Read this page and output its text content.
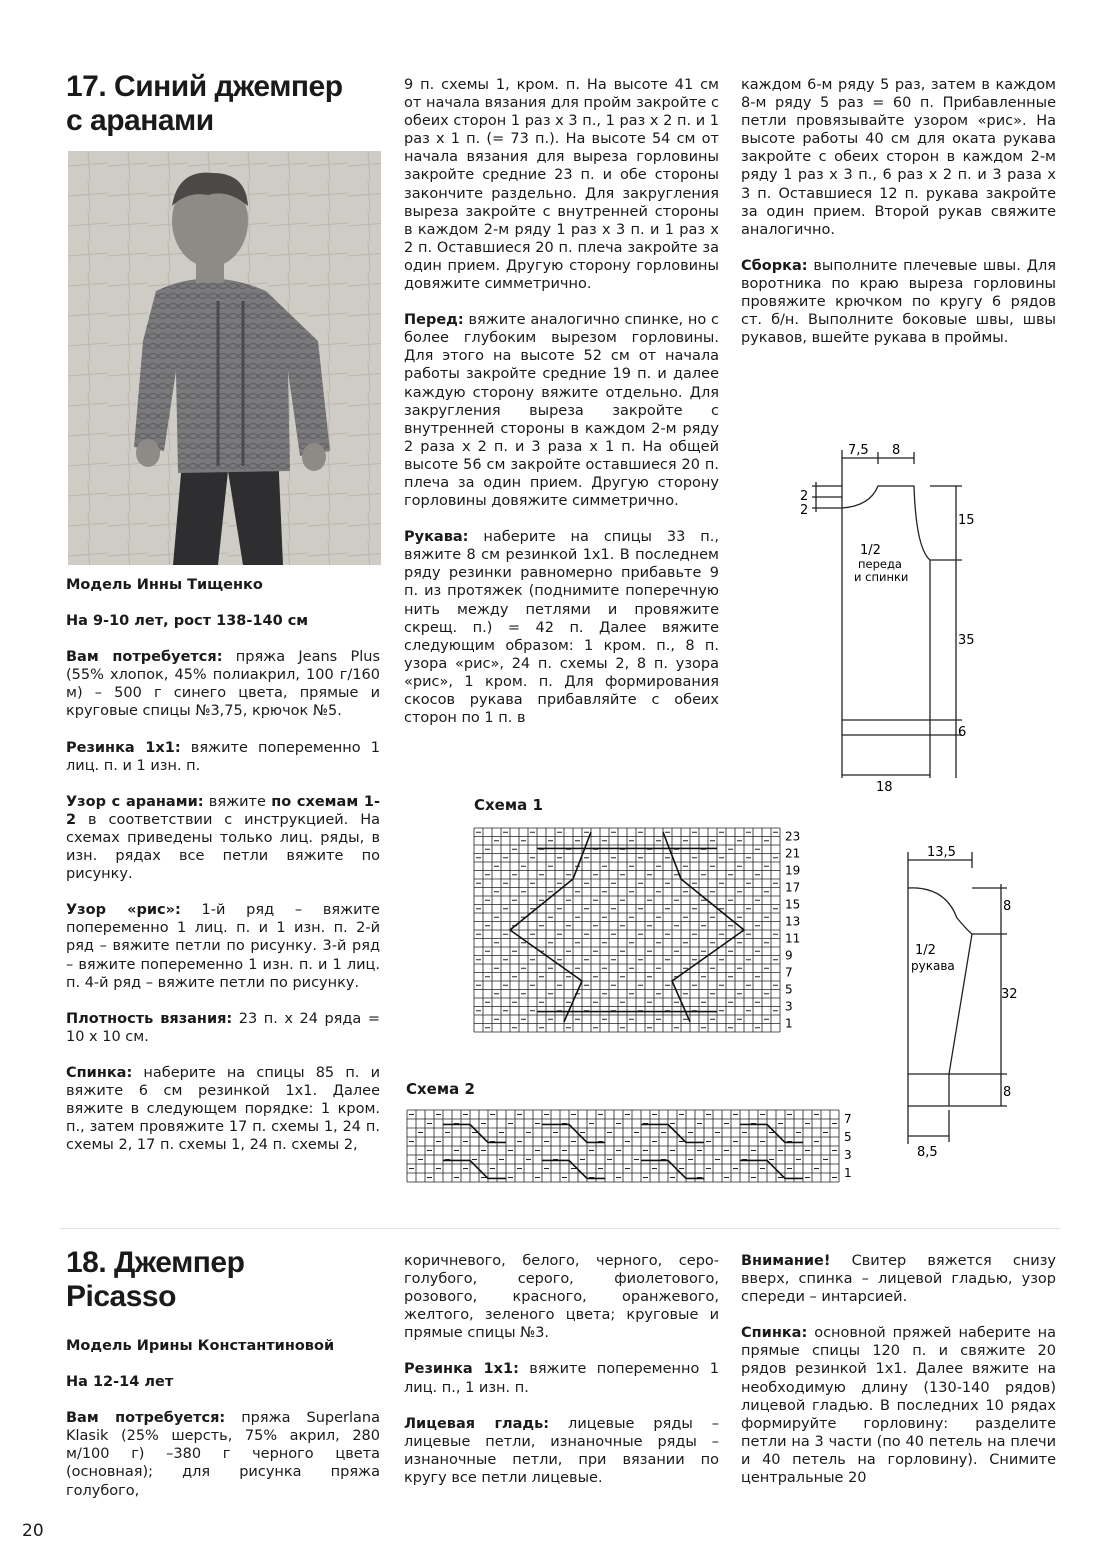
17. Синий джемпер
с аранами

Модель Инны Тищенко

На 9-10 лет, рост 138-140 см

Вам потребуется: пряжа Jeans Plus (55% хлопок, 45% полиакрил, 100 г/160 м) – 500 г синего цвета, прямые и круговые спицы №3,75, крючок №5.

Резинка 1х1: вяжите попеременно 1 лиц. п. и 1 изн. п.

Узор с аранами: вяжите по схемам 1-2 в соответствии с инструкцией. На схемах приведены только лиц. ряды, в изн. рядах все петли вяжите по рисунку.

Узор «рис»: 1-й ряд – вяжите попеременно 1 лиц. п. и 1 изн. п. 2-й ряд – вяжите петли по рисунку. 3-й ряд – вяжите попеременно 1 изн. п. и 1 лиц. п. 4-й ряд – вяжите петли по рисунку.

Плотность вязания: 23 п. х 24 ряда = 10 х 10 см.

Спинка: наберите на спицы 85 п. и вяжите 6 см резинкой 1х1. Далее вяжите в следующем порядке: 1 кром. п., затем провяжите 17 п. схемы 1, 24 п. схемы 2, 17 п. схемы 1, 24 п. схемы 2,

9 п. схемы 1, кром. п. На высоте 41 см от начала вязания для пройм закройте с обеих сторон 1 раз х 3 п., 1 раз х 2 п. и 1 раз х 1 п. (= 73 п.). На высоте 54 см от начала вязания для выреза горловины закройте средние 23 п. и обе стороны закончите раздельно. Для закругления выреза закройте с внутренней стороны в каждом 2-м ряду 1 раз х 3 п. и 1 раз х 2 п. Оставшиеся 20 п. плеча закройте за один прием. Другую сторону горловины довяжите симметрично.

Перед: вяжите аналогично спинке, но с более глубоким вырезом горловины. Для этого на высоте 52 см от начала работы закройте средние 19 п. и далее каждую сторону вяжите отдельно. Для закругления выреза закройте с внутренней стороны в каждом 2-м ряду 2 раза х 2 п. и 3 раза х 1 п. На общей высоте 56 см закройте оставшиеся 20 п. плеча за один прием. Другую сторону горловины довяжите симметрично.

Рукава: наберите на спицы 33 п., вяжите 8 см резинкой 1х1. В последнем ряду резинки равномерно прибавьте 9 п. из протяжек (поднимите поперечную нить между петлями и провяжите скрещ. п.) = 42 п. Далее вяжите следующим образом: 1 кром. п., 8 п. узора «рис», 24 п. схемы 2, 8 п. узора «рис», 1 кром. п. Для формирования скосов рукава прибавляйте с обеих сторон по 1 п. в

каждом 6-м ряду 5 раз, затем в каждом 8-м ряду 5 раз = 60 п. Прибавленные петли провязывайте узором «рис». На высоте работы 40 см для оката рукава закройте с обеих сторон в каждом 2-м ряду 1 раз х 3 п., 6 раз х 2 п. и 3 раза х 3 п. Оставшиеся 12 п. рукава закройте за один прием. Второй рукав свяжите аналогично.

Сборка: выполните плечевые швы. Для воротника по краю выреза горловины провяжите крючком по кругу 6 рядов ст. б/н. Выполните боковые швы, швы рукавов, вшейте рукава в проймы.

Схема 1
23
21
19
17
15
13
11
9
7
5
3
1
Схема 2
7
5
3
1
7,5 8
2
2
15
35
6
18
1/2
переда
и спинки
13,5
8
32
8
8,5
1/2
рукава
18. Джемпер
Picasso

Модель Ирины Константиновой

На 12-14 лет

Вам потребуется: пряжа Superlana Klasik (25% шерсть, 75% акрил, 280 м/100 г) –380 г черного цвета (основная); для рисунка пряжа голубого,

коричневого, белого, черного, серо-голубого, серого, фиолетового, розового, красного, оранжевого, желтого, зеленого цвета; круговые и прямые спицы №3.

Резинка 1х1: вяжите попеременно 1 лиц. п., 1 изн. п.

Лицевая гладь: лицевые ряды – лицевые петли, изнаночные ряды – изнаночные петли, при вязании по кругу все петли лицевые.

Внимание! Свитер вяжется снизу вверх, спинка – лицевой гладью, узор спереди – интарсией.

Спинка: основной пряжей наберите на прямые спицы 120 п. и свяжите 20 рядов резинкой 1х1. Далее вяжите на необходимую длину (130-140 рядов) лицевой гладью. В последних 10 рядах формируйте горловину: разделите петли на 3 части (по 40 петель на плечи и 40 петель на горловину). Снимите центральные 20

20
